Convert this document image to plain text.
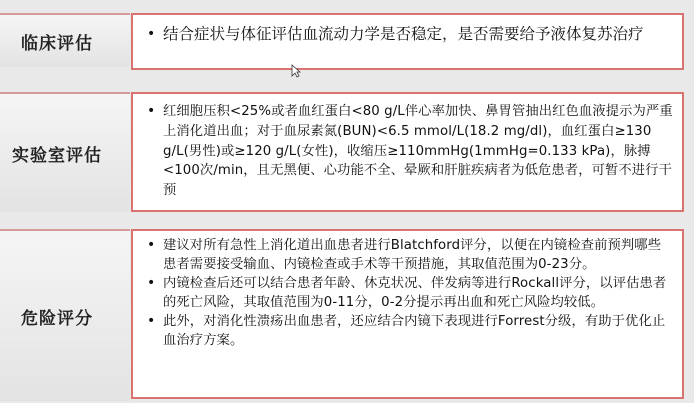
临床评估	• 结合症状与体征评估血流动力学是否稳定，是否需要给予液体复苏治疗
实验室评估
• 红细胞压积<25%或者血红蛋白<80 g/L伴心率加快、鼻胃管抽出红色血液提示为严重上消化道出血；对于血尿素氮(BUN)<6.5 mmol/L(18.2 mg/dl)，血红蛋白≥130 g/L(男性)或≥120 g/L(女性)，收缩压≥110mmHg(1mmHg=0.133 kPa)，脉搏<100次/min，且无黑便、心功能不全、晕厥和肝脏疾病者为低危患者，可暂不进行干预
危险评分
• 建议对所有急性上消化道出血患者进行Blatchford评分，以便在内镜检查前预判哪些患者需要接受输血、内镜检查或手术等干预措施，其取值范围为0-23分。
• 内镜检查后还可以结合患者年龄、休克状况、伴发病等进行Rockall评分，以评估患者的死亡风险，其取值范围为0-11分，0-2分提示再出血和死亡风险均较低。
• 此外，对消化性溃疡出血患者，还应结合内镜下表现进行Forrest分级，有助于优化止血治疗方案。
